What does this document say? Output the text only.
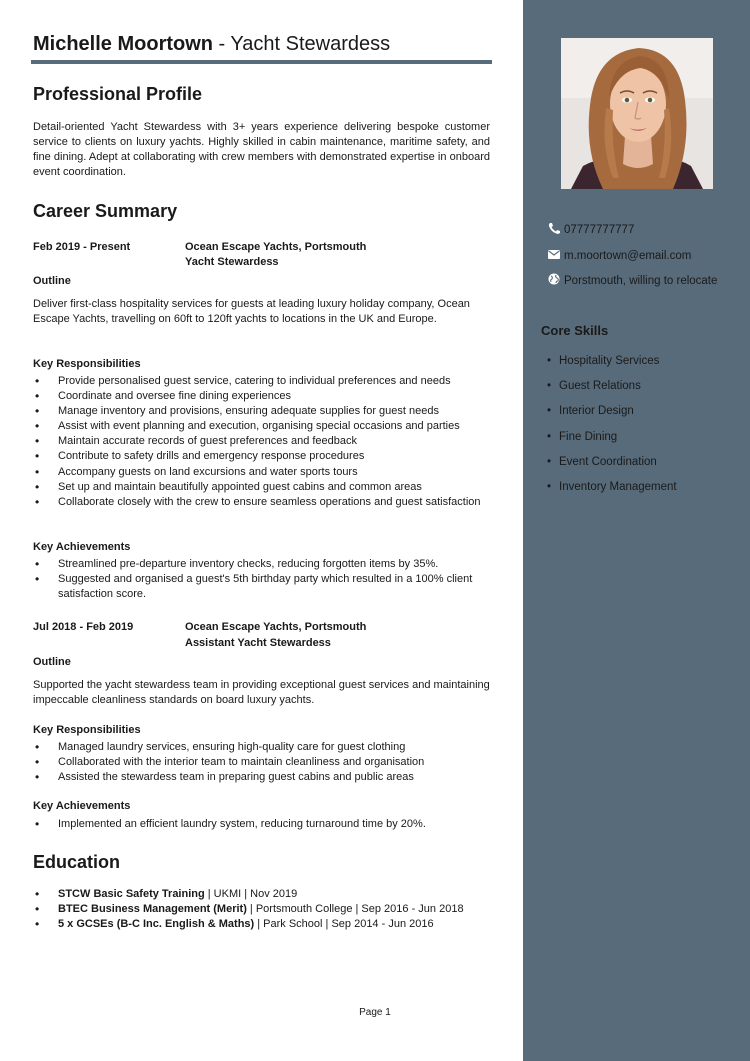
Michelle Moortown - Yacht Stewardess
Professional Profile
Detail-oriented Yacht Stewardess with 3+ years experience delivering bespoke customer service to clients on luxury yachts. Highly skilled in cabin maintenance, maritime safety, and fine dining. Adept at collaborating with crew members with demonstrated expertise in onboard event coordination.
Career Summary
Feb 2019 - Present	Ocean Escape Yachts, Portsmouth
Yacht Stewardess
Outline
Deliver first-class hospitality services for guests at leading luxury holiday company, Ocean Escape Yachts, travelling on 60ft to 120ft yachts to locations in the UK and Europe.
Key Responsibilities
• Provide personalised guest service, catering to individual preferences and needs
• Coordinate and oversee fine dining experiences
• Manage inventory and provisions, ensuring adequate supplies for guest needs
• Assist with event planning and execution, organising special occasions and parties
• Maintain accurate records of guest preferences and feedback
• Contribute to safety drills and emergency response procedures
• Accompany guests on land excursions and water sports tours
• Set up and maintain beautifully appointed guest cabins and common areas
• Collaborate closely with the crew to ensure seamless operations and guest satisfaction
Key Achievements
• Streamlined pre-departure inventory checks, reducing forgotten items by 35%.
• Suggested and organised a guest's 5th birthday party which resulted in a 100% client satisfaction score.
Jul 2018 - Feb 2019	Ocean Escape Yachts, Portsmouth
Assistant Yacht Stewardess
Outline
Supported the yacht stewardess team in providing exceptional guest services and maintaining impeccable cleanliness standards on board luxury yachts.
Key Responsibilities
• Managed laundry services, ensuring high-quality care for guest clothing
• Collaborated with the interior team to maintain cleanliness and organisation
• Assisted the stewardess team in preparing guest cabins and public areas
Key Achievements
• Implemented an efficient laundry system, reducing turnaround time by 20%.
Education
• STCW Basic Safety Training | UKMI | Nov 2019
• BTEC Business Management (Merit) | Portsmouth College | Sep 2016 - Jun 2018
• 5 x GCSEs (B-C Inc. English & Maths) | Park School | Sep 2014 - Jun 2016
Page 1
07777777777
m.moortown@email.com
Porstmouth, willing to relocate
Core Skills
• Hospitality Services
• Guest Relations
• Interior Design
• Fine Dining
• Event Coordination
• Inventory Management
